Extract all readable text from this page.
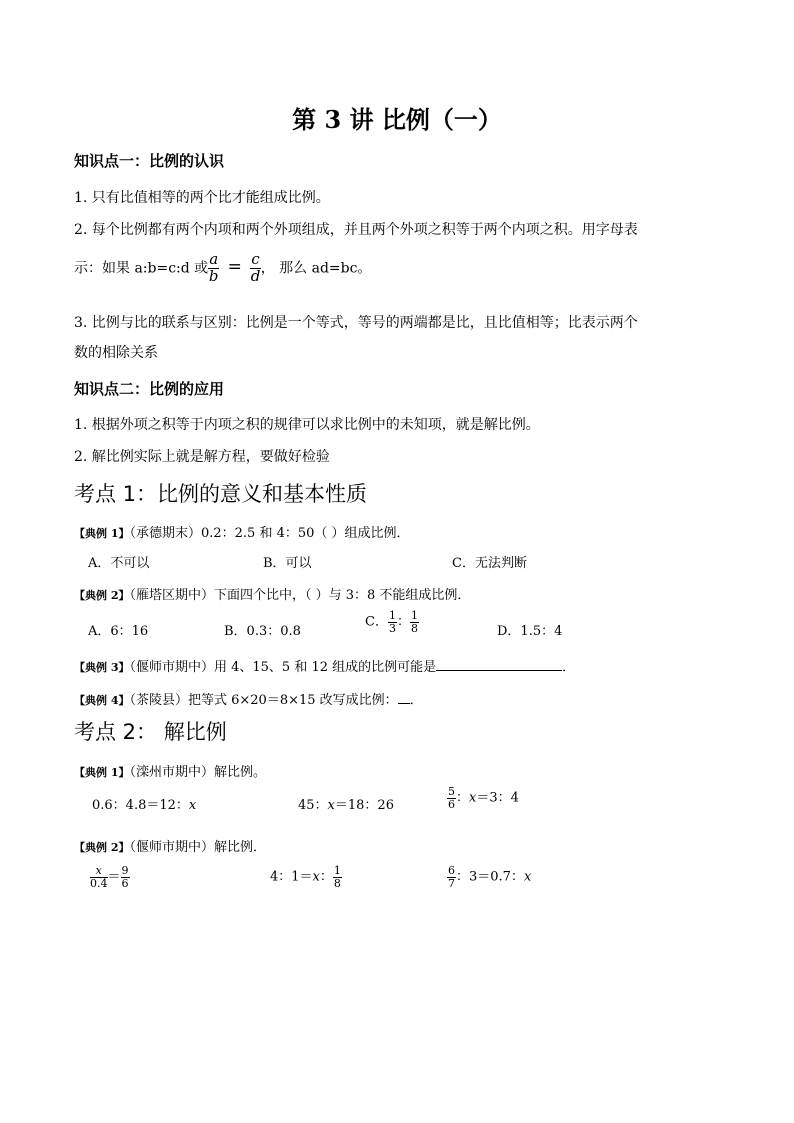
第 3 讲 比例（一）
知识点一：比例的认识
1. 只有比值相等的两个比才能组成比例。
2. 每个比例都有两个内项和两个外项组成，并且两个外项之积等于两个内项之积。用字母表
示：如果 a:b=c:d 或 $\frac{a}{b} = \frac{c}{d}$ ， 那么 ad=bc。
3. 比例与比的联系与区别：比例是一个等式，等号的两端都是比，且比值相等；比表示两个
数的相除关系
知识点二：比例的应用
1. 根据外项之积等于内项之积的规律可以求比例中的未知项，就是解比例。
2. 解比例实际上就是解方程，要做好检验
考点 1：比例的意义和基本性质
【典例 1】（承德期末）0.2：2.5 和 4：50（ ）组成比例．
A．不可以	B．可以	C．无法判断
【典例 2】（雁塔区期中）下面四个比中，（ ）与 3：8 不能组成比例．
A．6：16	B．0.3：0.8
C． $\frac{1}{3}$ ： $\frac{1}{8}$	D．1.5：4
【典例 3】（偃师市期中）用 4、15、5 和 12 组成的比例可能是	．
【典例 4】（茶陵县）把等式 6×20＝8×15 改写成比例： ．
考点 2： 解比例
【典例 1】（滦州市期中）解比例。
0.6：4.8＝12：x	45：x＝18：26	$\frac{5}{6}$ ：x＝3：4
【典例 2】（偃师市期中）解比例．
$\frac{x}{0.4} = \frac{9}{6}$	4：1＝x： $\frac{1}{8}$	$\frac{6}{7}$ ：3＝0.7：x
